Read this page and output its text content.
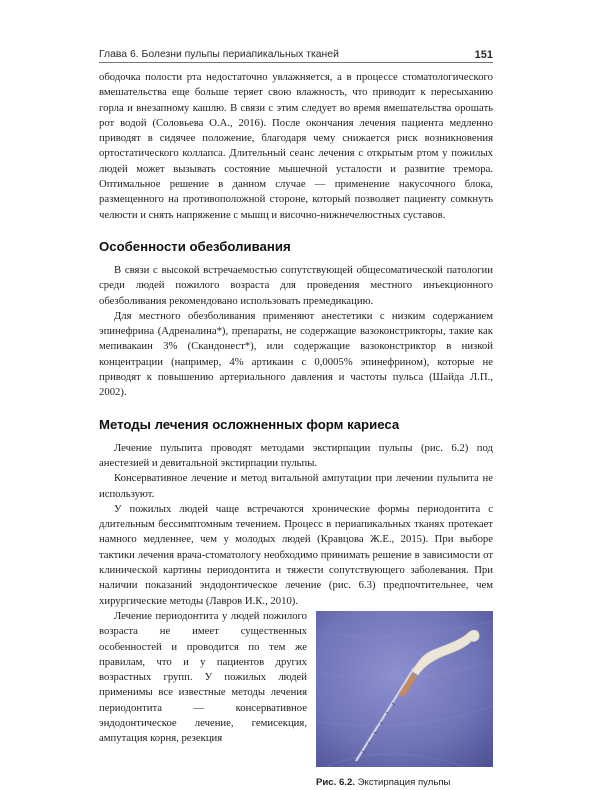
Глава 6. Болезни пульпы периапикальных тканей	151

ободочка полости рта недостаточно увлажняется, а в процессе стоматологического вмешательства еще больше теряет свою влажность, что приводит к пересыханию горла и внезапному кашлю. В связи с этим следует во время вмешательства орошать рот водой (Соловьева О.А., 2016). После окончания лечения пациента медленно приводят в сидячее положение, благодаря чему снижается риск возникновения ортостатического коллапса. Длительный сеанс лечения с открытым ртом у пожилых людей может вызывать состояние мышечной усталости и развитие тремора. Оптимальное решение в данном случае — применение накусочного блока, размещенного на противоположной стороне, который позволяет пациенту сомкнуть челюсти и снять напряжение с мышц и височно-нижнечелюстных суставов.

Особенности обезболивания

В связи с высокой встречаемостью сопутствующей общесоматической патологии среди людей пожилого возраста для проведения местного инъекционного обезболивания рекомендовано использовать премедикацию.

Для местного обезболивания применяют анестетики с низким содержанием эпинефрина (Адреналина*), препараты, не содержащие вазоконстрикторы, такие как мепивакаин 3% (Скандонест*), или содержащие вазоконстриктор в низкой концентрации (например, 4% артикаин с 0,0005% эпинефрином), которые не приводят к повышению артериального давления и частоты пульса (Шайда Л.П., 2002).

Методы лечения осложненных форм кариеса

Лечение пульпита проводят методами экстирпации пульпы (рис. 6.2) под анестезией и девитальной экстирпации пульпы.

Консервативное лечение и метод витальной ампутации при лечении пульпита не используют.

У пожилых людей чаще встречаются хронические формы периодонтита с длительным бессимптомным течением. Процесс в периапикальных тканях протекает намного медленнее, чем у молодых людей (Кравцова Ж.Е., 2015). При выборе тактики лечения врача-стоматологу необходимо принимать решение в зависимости от клинической картины периодонтита и тяжести сопутствующего заболевания. При наличии показаний эндодонтическое лечение (рис. 6.3) предпочтительнее, чем хирургические методы (Лавров И.К., 2010).

Рис. 6.2. Экстирпация пульпы

Лечение периодонтита у людей пожилого возраста не имеет существенных особенностей и проводится по тем же правилам, что и у пациентов других возрастных групп. У пожилых людей применимы все известные методы лечения периодонтита — консервативное эндодонтическое лечение, гемисекция, ампутация корня, резекция
